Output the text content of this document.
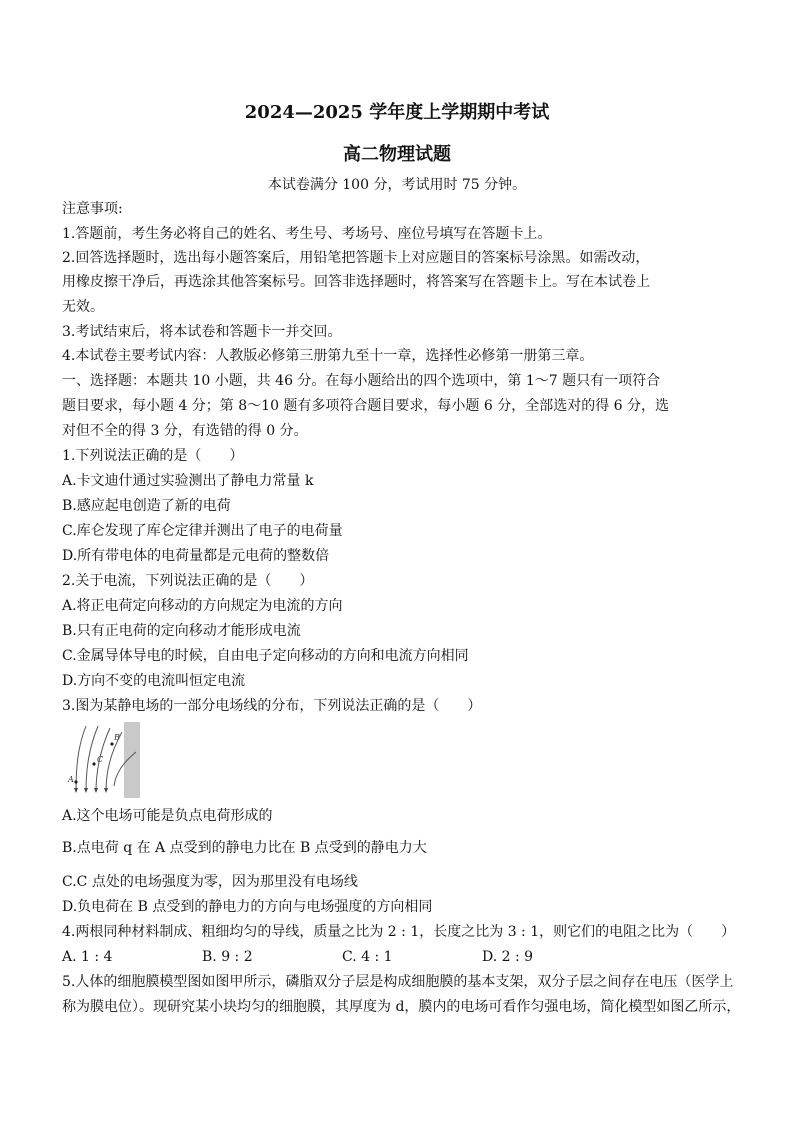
2024—2025 学年度上学期期中考试
高二物理试题
本试卷满分 100 分，考试用时 75 分钟。
注意事项:
1.答题前，考生务必将自己的姓名、考生号、考场号、座位号填写在答题卡上。
2.回答选择题时，选出每小题答案后，用铅笔把答题卡上对应题目的答案标号涂黑。如需改动，
用橡皮擦干净后，再选涂其他答案标号。回答非选择题时，将答案写在答题卡上。写在本试卷上
无效。
3.考试结束后，将本试卷和答题卡一并交回。
4.本试卷主要考试内容：人教版必修第三册第九至十一章，选择性必修第一册第三章。
一、选择题：本题共 10 小题，共 46 分。在每小题给出的四个选项中，第 1～7 题只有一项符合
题目要求，每小题 4 分；第 8～10 题有多项符合题目要求，每小题 6 分，全部选对的得 6 分，选
对但不全的得 3 分，有选错的得 0 分。
1.下列说法正确的是（　　）
A.卡文迪什通过实验测出了静电力常量 k
B.感应起电创造了新的电荷
C.库仑发现了库仑定律并测出了电子的电荷量
D.所有带电体的电荷量都是元电荷的整数倍
2.关于电流，下列说法正确的是（　　）
A.将正电荷定向移动的方向规定为电流的方向
B.只有正电荷的定向移动才能形成电流
C.金属导体导电的时候，自由电子定向移动的方向和电流方向相同
D.方向不变的电流叫恒定电流
3.图为某静电场的一部分电场线的分布，下列说法正确的是（　　）
B
C
A
A.这个电场可能是负点电荷形成的
B.点电荷 q 在 A 点受到的静电力比在 B 点受到的静电力大
C.C 点处的电场强度为零，因为那里没有电场线
D.负电荷在 B 点受到的静电力的方向与电场强度的方向相同
4.两根同种材料制成、粗细均匀的导线，质量之比为 2 : 1，长度之比为 3 : 1，则它们的电阻之比为（　　）
A. 1 : 4	B. 9 : 2	C. 4 : 1	D. 2 : 9
5.人体的细胞膜模型图如图甲所示，磷脂双分子层是构成细胞膜的基本支架，双分子层之间存在电压（医学上
称为膜电位）。现研究某小块均匀的细胞膜，其厚度为 d，膜内的电场可看作匀强电场，简化模型如图乙所示，
